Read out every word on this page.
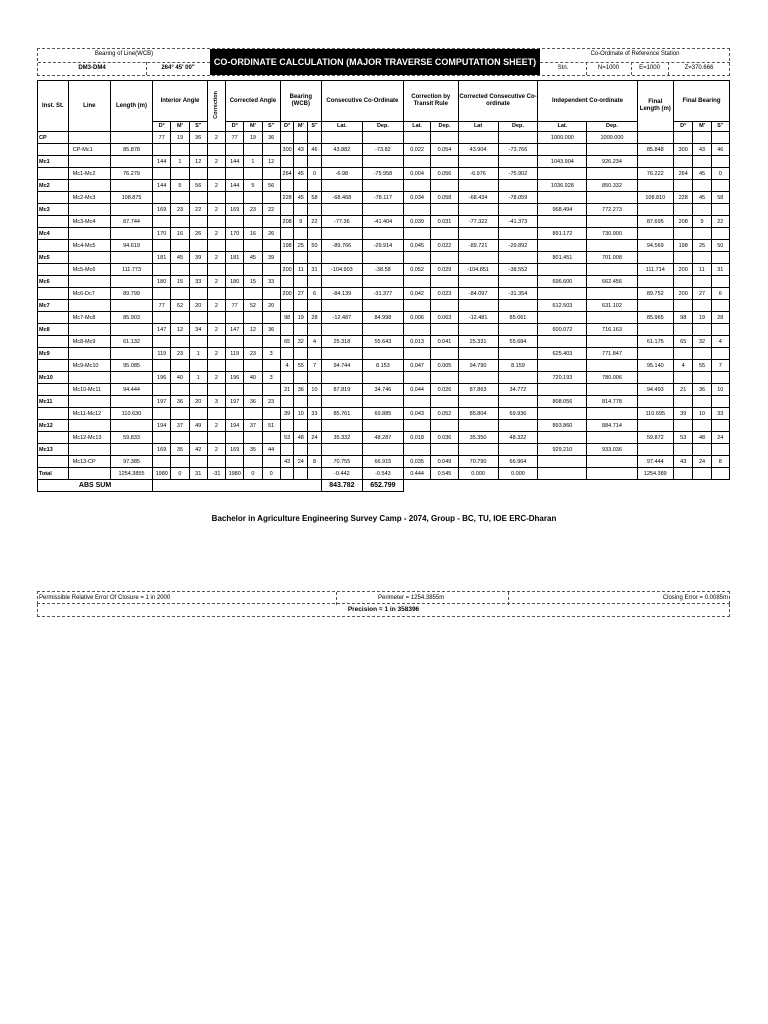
Bearing of Line(WCB)
DM3-DM4	264° 45' 00"
CO-ORDINATE CALCULATION (MAJOR TRAVERSE COMPUTATION SHEET)
Co-Ordinate of Reference Station
Stn.	N=1000	E=1000	Z=370.666
Inst. St.	Line	Length (m)	Interior Angle			Correction	Corrected Angle			Bearing (WCB)			Consecutive Co-Ordinate		Correction by Transit Rule		Corrected Consecutive Co-ordinate		Independent Co-ordinate		Final Length (m)	Final Bearing		
			D°	M'	S"		D°	M'	S"	D°	M'	S"	Lat.	Dep.	Lat.	Dep.	Lat	Dep.	Lat.	Dep.		D°	M'	S"
CP			77	19	36	2	77	19	36										1000.000	1000.000				
	CP-Mc1	85.878								300	43	46	43.882	-73.82	0.022	0.054	43.904	-73.766			85.848	300	43	46
Mc1			144	1	12	2	144	1	12										1043.904	926.234				
	Mc1-Mc2	76.279								264	45	0	-6.98	-75.958	0.004	0.056	-6.976	-75.902			76.222	264	45	0
Mc2			144	5	56	2	144	5	56										1036.928	850.332				
	Mc2-Mc3	108.875								228	45	58	-68.468	-78.117	0.034	0.058	-68.434	-78.059			108.810	228	45	58
Mc3			169	23	22	2	169	23	22										968.494	772.273				
	Mc3-Mc4	87.744								208	9	22	-77.36	-41.404	0.039	0.031	-77.322	-41.373			87.695	208	9	22
Mc4			170	16	26	2	170	16	26										891.172	730.900				
	Mc4-Mc5	94.619								198	25	50	-89.766	-29.914	0.045	0.022	-89.721	-29.892			94.569	198	25	50
Mc5			181	45	39	2	181	45	39										801.451	701.008				
	Mc5-Mc6	111.773								200	11	31	-104.903	-38.58	0.052	0.029	-104.851	-38.552			111.714	200	11	31
Mc6			180	15	33	2	180	15	33										696.600	662.456				
	Mc6-Dc7	89.799								200	27	6	-84.139	-31.377	0.042	0.023	-84.097	-31.354			89.752	200	27	6
Mc7			77	52	20	2	77	52	20										612.503	631.102				
	Mc7-Mc8	85.903								98	19	28	-12.487	84.998	0.006	0.063	-12.481	85.061			85.965	98	19	28
Mc8			147	12	34	2	147	12	36										600.072	716.163				
	Mc8-Mc9	61.132								65	32	4	25.318	55.643	0.013	0.041	25.331	55.684			61.175	65	32	4
Mc9			119	23	1	2	119	23	3										625.403	771.847				
	Mc9-Mc10	95.085								4	55	7	94.744	8.153	0.047	0.005	94.790	8.159			95.140	4	55	7
Mc10			196	40	1	2	196	40	3										720.193	780.006				
	Mc10-Mc11	94.444								21	36	10	87.819	34.746	0.044	0.026	87.863	34.772			94.493	21	36	10
Mc11			197	36	20	3	197	36	23										808.056	814.778				
	Mc11-Mc12	110.630								39	10	33	85.761	69.885	0.043	0.052	85.804	69.936			110.695	39	10	33
Mc12			194	37	49	2	194	37	51										893.860	884.714				
	Mc12-Mc13	59.833								53	48	24	35.332	48.287	0.018	0.036	35.350	48.322			59.872	53	48	24
Mc13			169	35	42	2	169	35	44										929.210	933.036				
	Mc13-CP	97.385								43	24	8	70.755	66.915	0.035	0.049	70.790	66.964			97.444	43	24	8
Total		1254.3855	1980	0	31	-31	1980	0	0				-0.442	-0.543	0.444	0.545	0.000	0.000			1254.389			
ABS SUM													843.782	652.799										
Bachelor in Agriculture Engineering Survey Camp - 2074, Group - BC, TU, IOE ERC-Dharan
Permissible Relative Error Of Closure = 1 in 2000	Perimeter = 1254.3855m	Closing Error = 0.0085m
Precision = 1 in 358396
